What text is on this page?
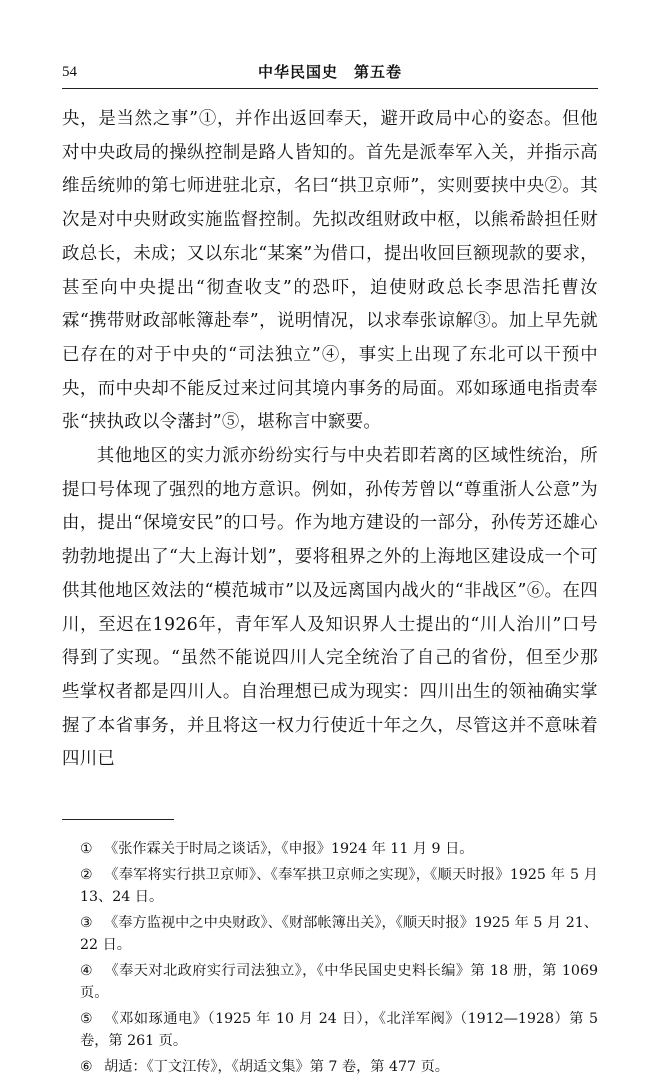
54	中华民国史　第五卷

央，是当然之事”①，并作出返回奉天，避开政局中心的姿态。但他对中央政局的操纵控制是路人皆知的。首先是派奉军入关，并指示高维岳统帅的第七师进驻北京，名曰“拱卫京师”，实则要挟中央②。其次是对中央财政实施监督控制。先拟改组财政中枢，以熊希龄担任财政总长，未成；又以东北“某案”为借口，提出收回巨额现款的要求，甚至向中央提出“彻查收支”的恐吓，迫使财政总长李思浩托曹汝霖“携带财政部帐簿赴奉”，说明情况，以求奉张谅解③。加上早先就已存在的对于中央的“司法独立”④，事实上出现了东北可以干预中央，而中央却不能反过来过问其境内事务的局面。邓如琢通电指责奉张“挟执政以令藩封”⑤，堪称言中窾要。

其他地区的实力派亦纷纷实行与中央若即若离的区域性统治，所提口号体现了强烈的地方意识。例如，孙传芳曾以“尊重浙人公意”为由，提出“保境安民”的口号。作为地方建设的一部分，孙传芳还雄心勃勃地提出了“大上海计划”，要将租界之外的上海地区建设成一个可供其他地区效法的“模范城市”以及远离国内战火的“非战区”⑥。在四川，至迟在1926年，青年军人及知识界人士提出的“川人治川”口号得到了实现。“虽然不能说四川人完全统治了自己的省份，但至少那些掌权者都是四川人。自治理想已成为现实：四川出生的领袖确实掌握了本省事务，并且将这一权力行使近十年之久，尽管这并不意味着四川已

① 《张作霖关于时局之谈话》，《申报》1924 年 11 月 9 日。

② 《奉军将实行拱卫京师》、《奉军拱卫京师之实现》，《顺天时报》1925 年 5 月 13、24 日。

③ 《奉方监视中之中央财政》、《财部帐簿出关》，《顺天时报》1925 年 5 月 21、22 日。

④ 《奉天对北政府实行司法独立》，《中华民国史史料长编》第 18 册，第 1069 页。

⑤ 《邓如琢通电》（1925 年 10 月 24 日），《北洋军阀》（1912—1928）第 5 卷，第 261 页。

⑥ 胡适：《丁文江传》，《胡适文集》第 7 卷，第 477 页。
